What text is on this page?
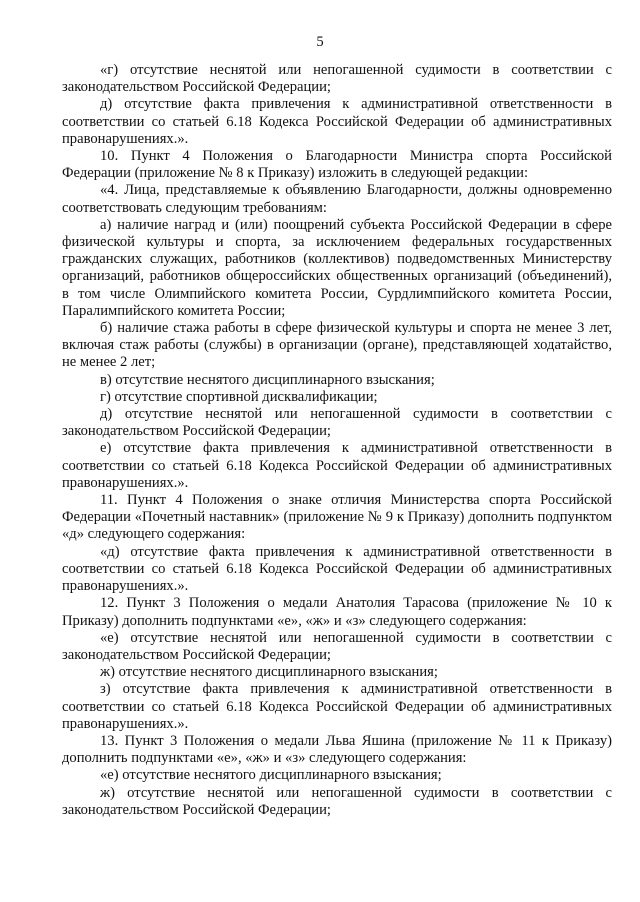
5

«г) отсутствие неснятой или непогашенной судимости в соответствии с законодательством Российской Федерации;

д) отсутствие факта привлечения к административной ответственности в соответствии со статьей 6.18 Кодекса Российской Федерации об административных правонарушениях.».

10. Пункт 4 Положения о Благодарности Министра спорта Российской Федерации (приложение № 8 к Приказу) изложить в следующей редакции:

«4. Лица, представляемые к объявлению Благодарности, должны одновременно соответствовать следующим требованиям:

а) наличие наград и (или) поощрений субъекта Российской Федерации в сфере физической культуры и спорта, за исключением федеральных государственных гражданских служащих, работников (коллективов) подведомственных Министерству организаций, работников общероссийских общественных организаций (объединений), в том числе Олимпийского комитета России, Сурдлимпийского комитета России, Паралимпийского комитета России;

б) наличие стажа работы в сфере физической культуры и спорта не менее 3 лет, включая стаж работы (службы) в организации (органе), представляющей ходатайство, не менее 2 лет;

в) отсутствие неснятого дисциплинарного взыскания;

г) отсутствие спортивной дисквалификации;

д) отсутствие неснятой или непогашенной судимости в соответствии с законодательством Российской Федерации;

е) отсутствие факта привлечения к административной ответственности в соответствии со статьей 6.18 Кодекса Российской Федерации об административных правонарушениях.».

11. Пункт 4 Положения о знаке отличия Министерства спорта Российской Федерации «Почетный наставник» (приложение № 9 к Приказу) дополнить подпунктом «д» следующего содержания:

«д) отсутствие факта привлечения к административной ответственности в соответствии со статьей 6.18 Кодекса Российской Федерации об административных правонарушениях.».

12. Пункт 3 Положения о медали Анатолия Тарасова (приложение № 10 к Приказу) дополнить подпунктами «е», «ж» и «з» следующего содержания:

«е) отсутствие неснятой или непогашенной судимости в соответствии с законодательством Российской Федерации;

ж) отсутствие неснятого дисциплинарного взыскания;

з) отсутствие факта привлечения к административной ответственности в соответствии со статьей 6.18 Кодекса Российской Федерации об административных правонарушениях.».

13. Пункт 3 Положения о медали Льва Яшина (приложение № 11 к Приказу) дополнить подпунктами «е», «ж» и «з» следующего содержания:

«е) отсутствие неснятого дисциплинарного взыскания;

ж) отсутствие неснятой или непогашенной судимости в соответствии с законодательством Российской Федерации;
